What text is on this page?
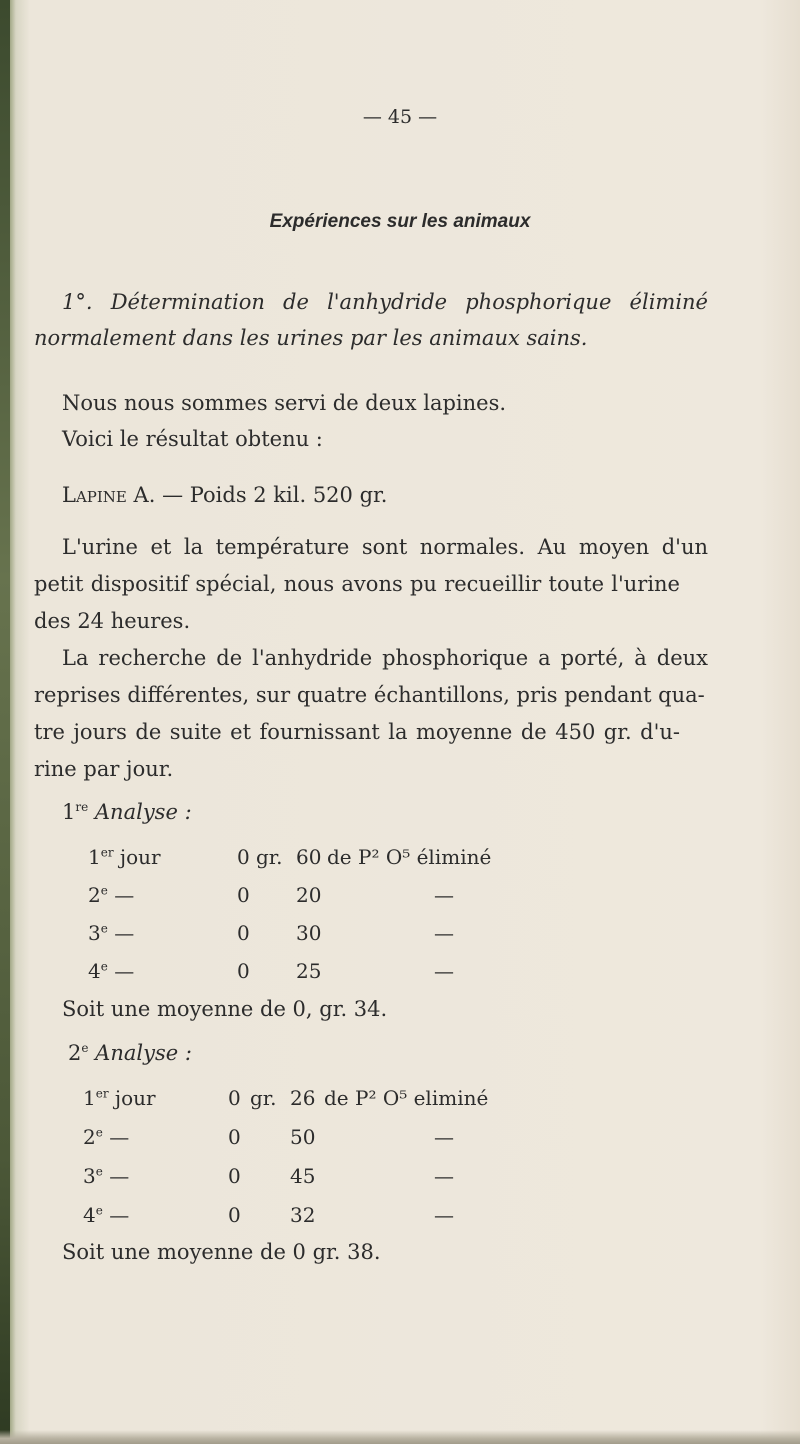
— 45 —
Expériences sur les animaux
1°. Détermination de l'anhydride phosphorique éliminé
normalement dans les urines par les animaux sains.
Nous nous sommes servi de deux lapines.
Voici le résultat obtenu :
Lapine A. — Poids 2 kil. 520 gr.
L'urine et la température sont normales. Au moyen d'un
petit dispositif spécial, nous avons pu recueillir toute l'urine
des 24 heures.
La recherche de l'anhydride phosphorique a porté, à deux
reprises différentes, sur quatre échantillons, pris pendant qua-
tre jours de suite et fournissant la moyenne de 450 gr. d'u-
rine par jour.
1re Analyse :
1er jour	0 gr. 60 de P² O⁵ éliminé
2e —	0 20	—
3e —	0 30	—
4e —	0 25	—
Soit une moyenne de 0, gr. 34.
2e Analyse :
1er jour	0 gr. 26 de P² O⁵ eliminé
2e —	0 50	—
3e —	0 45	—
4e —	0 32	—
Soit une moyenne de 0 gr. 38.
